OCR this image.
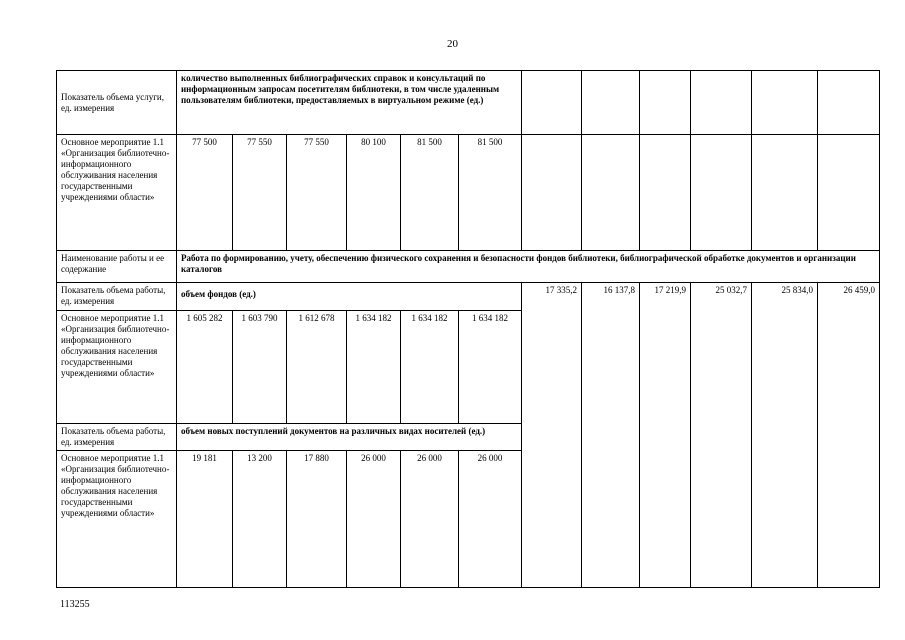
20
Показатель объема услуги, ед. измерения	количество выполненных библиографических справок и консультаций по информационным запросам посетителям библиотеки, в том числе удаленным пользователям библиотеки, предоставляемых в виртуальном режиме (ед.)											
Основное мероприятие 1.1 «Организация библиотечно-информационного обслуживания населения государственными учреждениями области»	77 500	77 550	77 550	80 100	81 500	81 500						
Наименование работы и ее содержание	Работа по формированию, учету, обеспечению физического сохранения и безопасности фондов библиотеки, библиографической обработке документов и организации каталогов											
Показатель объема работы, ед. измерения	объем фондов (ед.)						17 335,2	16 137,8	17 219,9	25 032,7	25 834,0	26 459,0
Основное мероприятие 1.1 «Организация библиотечно-информационного обслуживания населения государственными учреждениями области»	1 605 282	1 603 790	1 612 678	1 634 182	1 634 182	1 634 182						
Показатель объема работы, ед. измерения	объем новых поступлений документов на различных видах носителей (ед.)											
Основное мероприятие 1.1 «Организация библиотечно-информационного обслуживания населения государственными учреждениями области»	19 181	13 200	17 880	26 000	26 000	26 000						
113255
